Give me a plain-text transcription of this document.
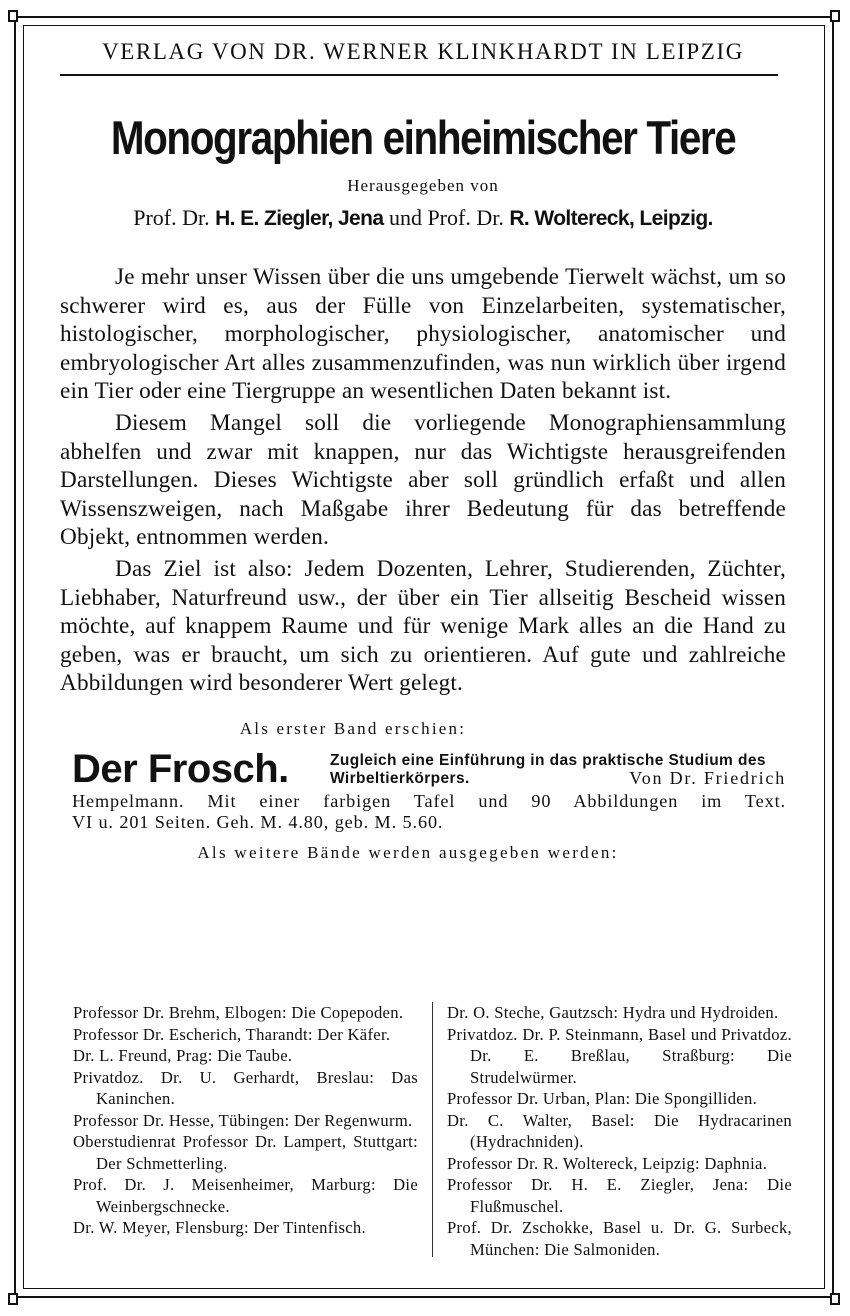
VERLAG VON DR. WERNER KLINKHARDT IN LEIPZIG
Monographien einheimischer Tiere
Herausgegeben von
Prof. Dr. H. E. Ziegler, Jena und Prof. Dr. R. Woltereck, Leipzig.

Je mehr unser Wissen über die uns umgebende Tierwelt wächst, um so schwerer wird es, aus der Fülle von Einzelarbeiten, systematischer, histologischer, morphologischer, physiologischer, anatomischer und embryologischer Art alles zusammenzufinden, was nun wirklich über irgend ein Tier oder eine Tiergruppe an wesentlichen Daten bekannt ist.

Diesem Mangel soll die vorliegende Monographiensammlung abhelfen und zwar mit knappen, nur das Wichtigste herausgreifenden Darstellungen. Dieses Wichtigste aber soll gründlich erfaßt und allen Wissenszweigen, nach Maßgabe ihrer Bedeutung für das betreffende Objekt, entnommen werden.

Das Ziel ist also: Jedem Dozenten, Lehrer, Studierenden, Züchter, Liebhaber, Naturfreund usw., der über ein Tier allseitig Bescheid wissen möchte, auf knappem Raume und für wenige Mark alles an die Hand zu geben, was er braucht, um sich zu orientieren. Auf gute und zahlreiche Abbildungen wird besonderer Wert gelegt.

Als erster Band erschien:
Der Frosch.	Zugleich eine Einführung in das praktische Studium des Wirbeltierkörpers.	Von Dr. Friedrich
Hempelmann. Mit einer farbigen Tafel und 90 Abbildungen im Text.
VI u. 201 Seiten. Geh. M. 4.80, geb. M. 5.60.
Als weitere Bände werden ausgegeben werden:
Professor Dr. Brehm, Elbogen: Die Copepoden.
Professor Dr. Escherich, Tharandt: Der Käfer.
Dr. L. Freund, Prag: Die Taube.
Privatdoz. Dr. U. Gerhardt, Breslau: Das Kaninchen.
Professor Dr. Hesse, Tübingen: Der Regenwurm.
Oberstudienrat Professor Dr. Lampert, Stuttgart: Der Schmetterling.
Prof. Dr. J. Meisenheimer, Marburg: Die Weinbergschnecke.
Dr. W. Meyer, Flensburg: Der Tintenfisch.
Dr. O. Steche, Gautzsch: Hydra und Hydroiden.
Privatdoz. Dr. P. Steinmann, Basel und Privatdoz. Dr. E. Breßlau, Straßburg: Die Strudelwürmer.
Professor Dr. Urban, Plan: Die Spongilliden.
Dr. C. Walter, Basel: Die Hydracarinen (Hydrachniden).
Professor Dr. R. Woltereck, Leipzig: Daphnia.
Professor Dr. H. E. Ziegler, Jena: Die Flußmuschel.
Prof. Dr. Zschokke, Basel u. Dr. G. Surbeck, München: Die Salmoniden.
